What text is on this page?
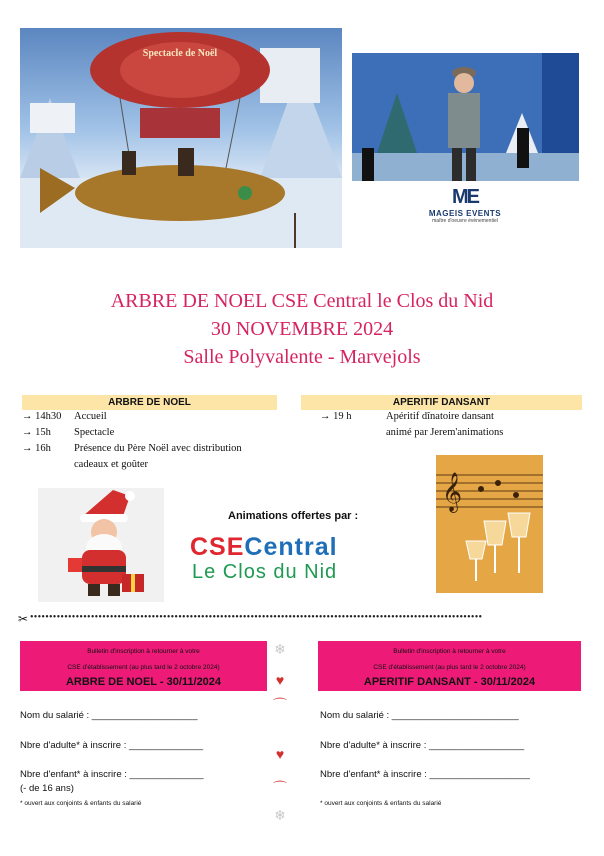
Spectacle de Noël
ME
MAGEIS EVENTS
maître d'oeuvre évènementiel
ARBRE DE NOEL CSE Central le Clos du Nid
30 NOVEMBRE 2024
Salle Polyvalente - Marvejols
ARBRE DE NOEL
→ 14h30 Accueil
→ 15h Spectacle
→ 16h Présence du Père Noël avec distribution
cadeaux et goûter
APERITIF DANSANT
→ 19 h	Apéritif dînatoire dansant
animé par Jerem'animations
Animations offertes par :
CSECentral
Le Clos du Nid
𝄞
✂ •••••••••••••••••••••••••••••••••••••••••••••••••••••••••••••••••••••••••••••••••••••••••••••••••••••••••••••••••••••••
Bulletin d'inscription à retourner à votre
CSE d'établissement (au plus tard le 2 octobre 2024)
ARBRE DE NOEL - 30/11/2024
Nom du salarié : ____________________
Nbre d'adulte* à inscrire : ______________
Nbre d'enfant* à inscrire : ______________
(- de 16 ans)
* ouvert aux conjoints & enfants du salarié
❄
♥
⌒
♥
⌒
❄
Bulletin d'inscription à retourner à votre
CSE d'établissement (au plus tard le 2 octobre 2024)
APERITIF DANSANT - 30/11/2024
Nom du salarié : ________________________
Nbre d'adulte* à inscrire : __________________
Nbre d'enfant* à inscrire : ___________________
* ouvert aux conjoints & enfants du salarié
